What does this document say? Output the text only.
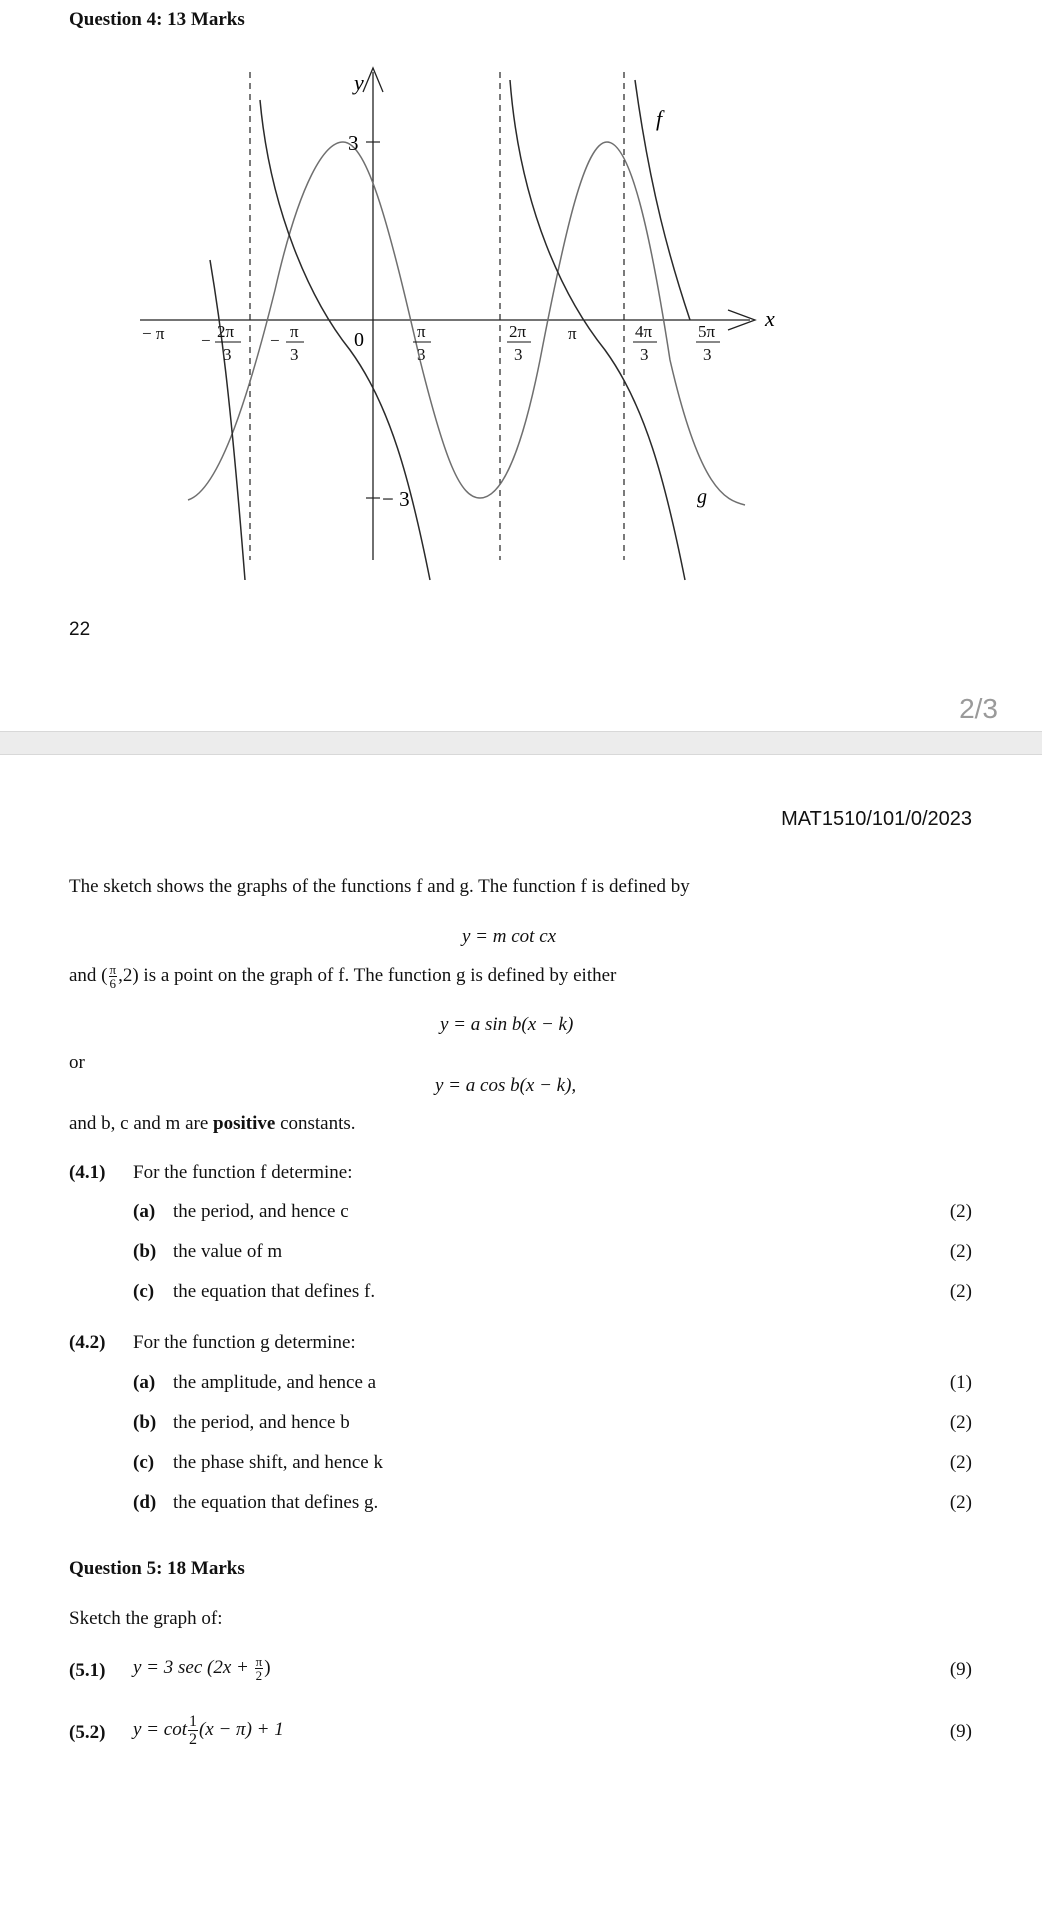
Question 4: 13 Marks
y
x
3
− 3
0
f
g
− π − 2π
3
− π
3
π
3
2π
3
π	4π
3
5π
3
22
2/3
MAT1510/101/0/2023
The sketch shows the graphs of the functions f and g. The function f is defined by
y = m cot cx
and ( $\frac{\pi}{6} ,2$) is a point on the graph of f. The function g is defined by either
y = a sin b(x − k)
or
y = a cos b(x − k),
and b, c and m are positive constants.
(4.1) For the function f determine:
(a) the period, and hence c	(2)
(b) the value of m	(2)
(c) the equation that defines f.	(2)
(4.2) For the function g determine:
(a) the amplitude, and hence a	(1)
(b) the period, and hence b	(2)
(c) the phase shift, and hence k	(2)
(d) the equation that defines g.	(2)
Question 5: 18 Marks
Sketch the graph of:
(5.1) y = 3 $\sec (2x + \frac{\pi}{2}$ )	(9)
(5.2) $y = \cot \frac{1}{2} (x - \pi) + 1$	(9)
